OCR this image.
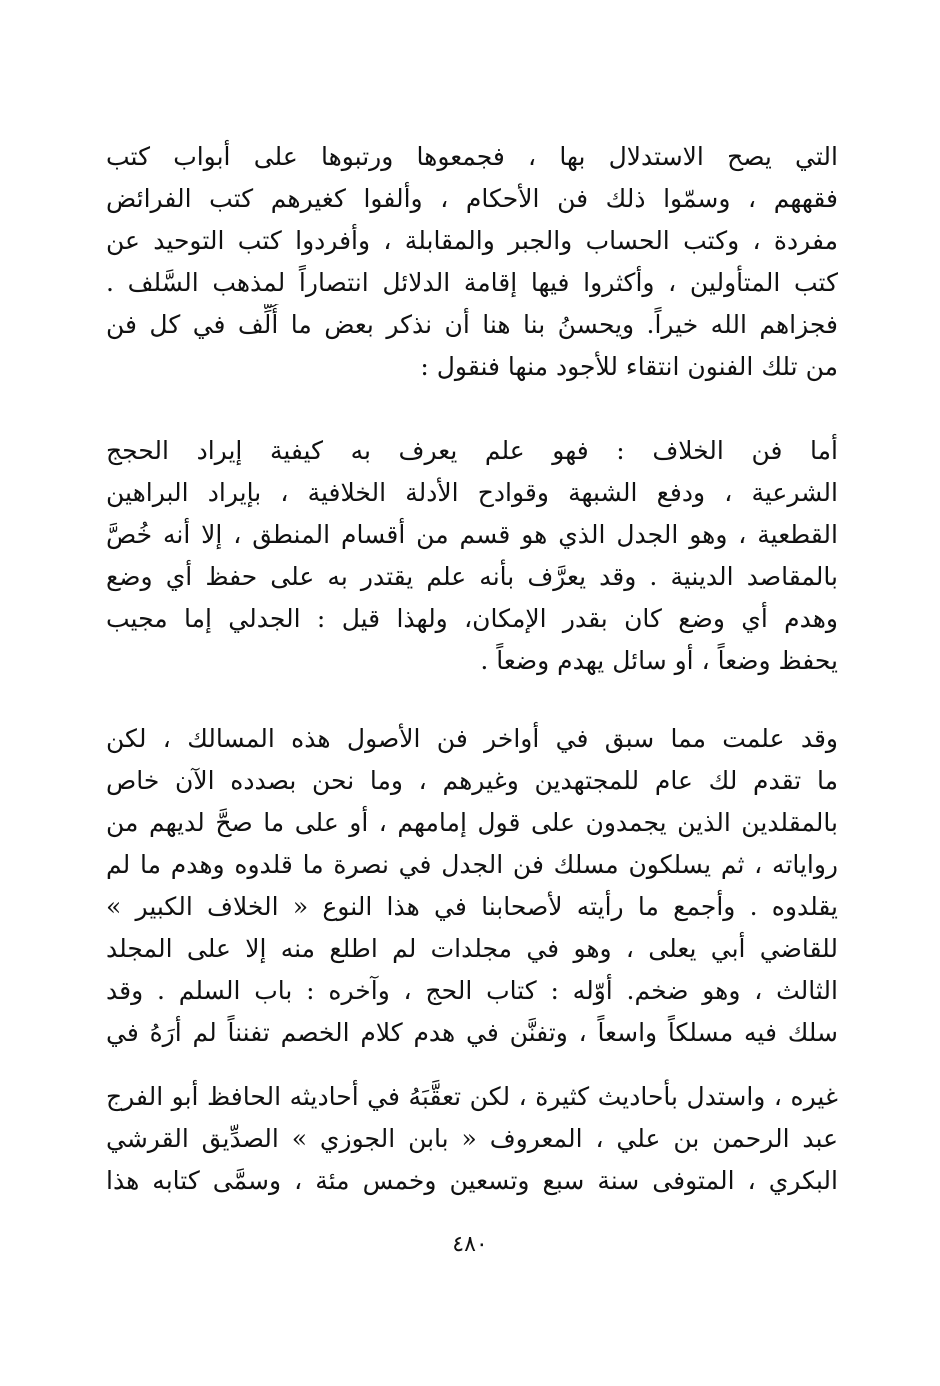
التي يصح الاستدلال بها ، فجمعوها ورتبوها على أبواب كتب
فقههم ، وسمّوا ذلك فن الأحكام ، وألفوا كغيرهم كتب الفرائض
مفردة ، وكتب الحساب والجبر والمقابلة ، وأفردوا كتب التوحيد عن
كتب المتأولين ، وأكثروا فيها إقامة الدلائل انتصاراً لمذهب السَّلف .
فجزاهم الله خيراً. ويحسنُ بنا هنا أن نذكر بعض ما أُلِّف في كل فن
من تلك الفنون انتقاء للأجود منها فنقول :
أما فن الخلاف : فهو علم يعرف به كيفية إيراد الحجج
الشرعية ، ودفع الشبهة وقوادح الأدلة الخلافية ، بإيراد البراهين
القطعية ، وهو الجدل الذي هو قسم من أقسام المنطق ، إلا أنه خُصَّ
بالمقاصد الدينية . وقد يعرَّف بأنه علم يقتدر به على حفظ أي وضع
وهدم أي وضع كان بقدر الإمكان، ولهذا قيل : الجدلي إما مجيب
يحفظ وضعاً ، أو سائل يهدم وضعاً .
وقد علمت مما سبق في أواخر فن الأصول هذه المسالك ، لكن
ما تقدم لك عام للمجتهدين وغيرهم ، وما نحن بصدده الآن خاص
بالمقلدين الذين يجمدون على قول إمامهم ، أو على ما صحَّ لديهم من
رواياته ، ثم يسلكون مسلك فن الجدل في نصرة ما قلدوه وهدم ما لم
يقلدوه . وأجمع ما رأيته لأصحابنا في هذا النوع « الخلاف الكبير »
للقاضي أبي يعلى ، وهو في مجلدات لم اطلع منه إلا على المجلد
الثالث ، وهو ضخم. أوّله : كتاب الحج ، وآخره : باب السلم . وقد
سلك فيه مسلكاً واسعاً ، وتفنَّن في هدم كلام الخصم تفنناً لم أرَهُ في
غيره ، واستدل بأحاديث كثيرة ، لكن تعقَّبَهُ في أحاديثه الحافظ أبو الفرج
عبد الرحمن بن علي ، المعروف « بابن الجوزي » الصدِّيق القرشي
البكري ، المتوفى سنة سبع وتسعين وخمس مئة ، وسمَّى كتابه هذا
٤٨٠
